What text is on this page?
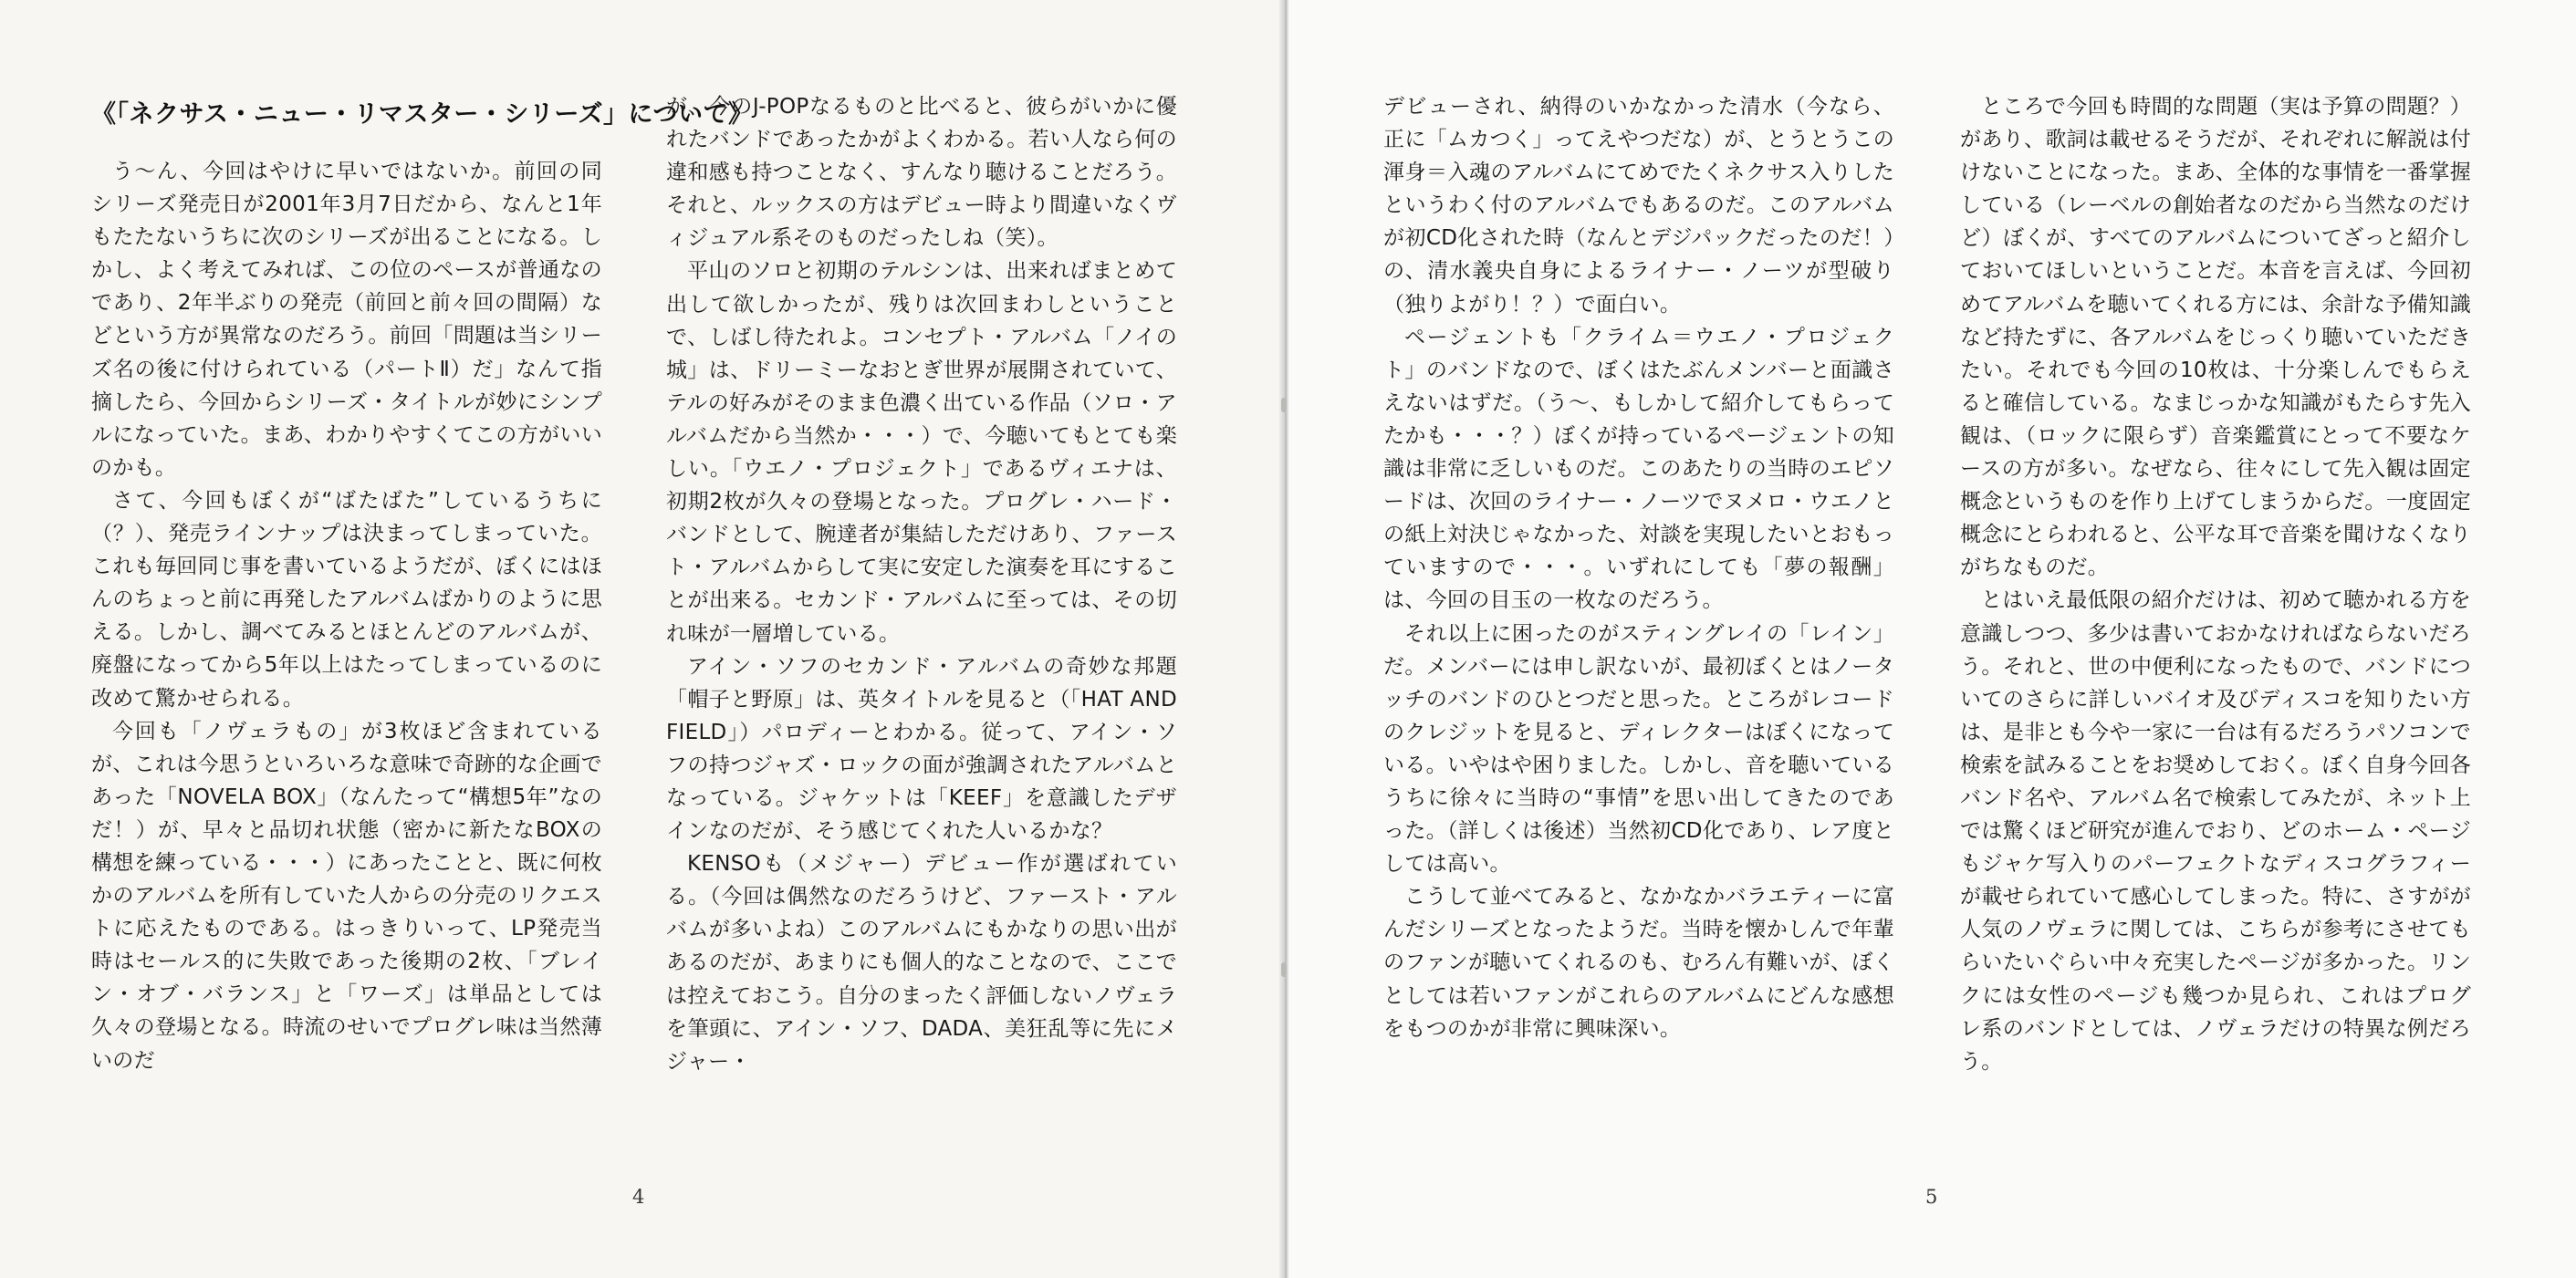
《「ネクサス・ニュー・リマスター・シリーズ」について》

う〜ん、今回はやけに早いではないか。前回の同シリーズ発売日が2001年3月7日だから、なんと1年もたたないうちに次のシリーズが出ることになる。しかし、よく考えてみれば、この位のペースが普通なのであり、2年半ぶりの発売（前回と前々回の間隔）などという方が異常なのだろう。前回「問題は当シリーズ名の後に付けられている（パートⅡ）だ」なんて指摘したら、今回からシリーズ・タイトルが妙にシンプルになっていた。まあ、わかりやすくてこの方がいいのかも。

さて、今回もぼくが“ばたばた”しているうちに（？）、発売ラインナップは決まってしまっていた。これも毎回同じ事を書いているようだが、ぼくにはほんのちょっと前に再発したアルバムばかりのように思える。しかし、調べてみるとほとんどのアルバムが、廃盤になってから5年以上はたってしまっているのに改めて驚かせられる。

今回も「ノヴェラもの」が3枚ほど含まれているが、これは今思うといろいろな意味で奇跡的な企画であった「NOVELA BOX」（なんたって“構想5年”なのだ！）が、早々と品切れ状態（密かに新たなBOXの構想を練っている・・・）にあったことと、既に何枚かのアルバムを所有していた人からの分売のリクエストに応えたものである。はっきりいって、LP発売当時はセールス的に失敗であった後期の2枚、「ブレイン・オブ・バランス」と「ワーズ」は単品としては久々の登場となる。時流のせいでプログレ味は当然薄いのだ

が、今のJ-POPなるものと比べると、彼らがいかに優れたバンドであったかがよくわかる。若い人なら何の違和感も持つことなく、すんなり聴けることだろう。それと、ルックスの方はデビュー時より間違いなくヴィジュアル系そのものだったしね（笑）。

平山のソロと初期のテルシンは、出来ればまとめて出して欲しかったが、残りは次回まわしということで、しばし待たれよ。コンセプト・アルバム「ノイの城」は、ドリーミーなおとぎ世界が展開されていて、テルの好みがそのまま色濃く出ている作品（ソロ・アルバムだから当然か・・・）で、今聴いてもとても楽しい。「ウエノ・プロジェクト」であるヴィエナは、初期2枚が久々の登場となった。プログレ・ハード・バンドとして、腕達者が集結しただけあり、ファースト・アルバムからして実に安定した演奏を耳にすることが出来る。セカンド・アルバムに至っては、その切れ味が一層増している。

アイン・ソフのセカンド・アルバムの奇妙な邦題「帽子と野原」は、英タイトルを見ると（「HAT AND FIELD」）パロディーとわかる。従って、アイン・ソフの持つジャズ・ロックの面が強調されたアルバムとなっている。ジャケットは「KEEF」を意識したデザインなのだが、そう感じてくれた人いるかな？

KENSOも（メジャー）デビュー作が選ばれている。（今回は偶然なのだろうけど、ファースト・アルバムが多いよね）このアルバムにもかなりの思い出があるのだが、あまりにも個人的なことなので、ここでは控えておこう。自分のまったく評価しないノヴェラを筆頭に、アイン・ソフ、DADA、美狂乱等に先にメジャー・

4

デビューされ、納得のいかなかった清水（今なら、正に「ムカつく」ってえやつだな）が、とうとうこの渾身＝入魂のアルバムにてめでたくネクサス入りしたというわく付のアルバムでもあるのだ。このアルバムが初CD化された時（なんとデジパックだったのだ！）の、清水義央自身によるライナー・ノーツが型破り（独りよがり！？）で面白い。

ページェントも「クライム＝ウエノ・プロジェクト」のバンドなので、ぼくはたぶんメンバーと面識さえないはずだ。（う〜、もしかして紹介してもらってたかも・・・？）ぼくが持っているページェントの知識は非常に乏しいものだ。このあたりの当時のエピソードは、次回のライナー・ノーツでヌメロ・ウエノとの紙上対決じゃなかった、対談を実現したいとおもっていますので・・・。いずれにしても「夢の報酬」は、今回の目玉の一枚なのだろう。

それ以上に困ったのがスティングレイの「レイン」だ。メンバーには申し訳ないが、最初ぼくとはノータッチのバンドのひとつだと思った。ところがレコードのクレジットを見ると、ディレクターはぼくになっている。いやはや困りました。しかし、音を聴いているうちに徐々に当時の“事情”を思い出してきたのであった。（詳しくは後述）当然初CD化であり、レア度としては高い。

こうして並べてみると、なかなかバラエティーに富んだシリーズとなったようだ。当時を懐かしんで年輩のファンが聴いてくれるのも、むろん有難いが、ぼくとしては若いファンがこれらのアルバムにどんな感想をもつのかが非常に興味深い。

ところで今回も時間的な問題（実は予算の問題？）があり、歌詞は載せるそうだが、それぞれに解説は付けないことになった。まあ、全体的な事情を一番掌握している（レーベルの創始者なのだから当然なのだけど）ぼくが、すべてのアルバムについてざっと紹介しておいてほしいということだ。本音を言えば、今回初めてアルバムを聴いてくれる方には、余計な予備知識など持たずに、各アルバムをじっくり聴いていただきたい。それでも今回の10枚は、十分楽しんでもらえると確信している。なまじっかな知識がもたらす先入観は、（ロックに限らず）音楽鑑賞にとって不要なケースの方が多い。なぜなら、往々にして先入観は固定概念というものを作り上げてしまうからだ。一度固定概念にとらわれると、公平な耳で音楽を聞けなくなりがちなものだ。

とはいえ最低限の紹介だけは、初めて聴かれる方を意識しつつ、多少は書いておかなければならないだろう。それと、世の中便利になったもので、バンドについてのさらに詳しいバイオ及びディスコを知りたい方は、是非とも今や一家に一台は有るだろうパソコンで検索を試みることをお奨めしておく。ぼく自身今回各バンド名や、アルバム名で検索してみたが、ネット上では驚くほど研究が進んでおり、どのホーム・ページもジャケ写入りのパーフェクトなディスコグラフィーが載せられていて感心してしまった。特に、さすがが人気のノヴェラに関しては、こちらが参考にさせてもらいたいぐらい中々充実したページが多かった。リンクには女性のページも幾つか見られ、これはプログレ系のバンドとしては、ノヴェラだけの特異な例だろう。

5
